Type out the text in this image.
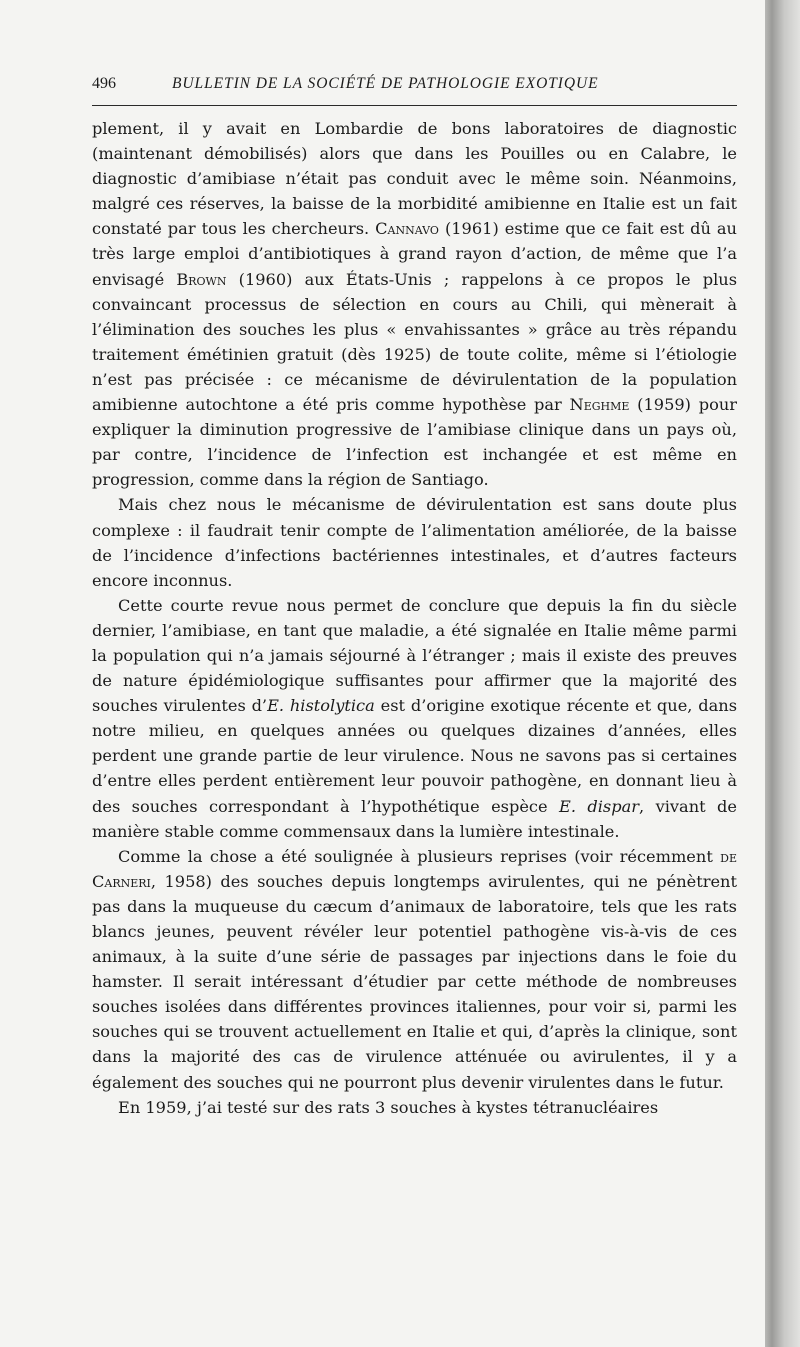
496	BULLETIN DE LA SOCIÉTÉ DE PATHOLOGIE EXOTIQUE

plement, il y avait en Lombardie de bons laboratoires de diagnostic (maintenant démobilisés) alors que dans les Pouilles ou en Calabre, le diagnostic d’amibiase n’était pas conduit avec le même soin. Néanmoins, malgré ces réserves, la baisse de la morbidité amibienne en Italie est un fait constaté par tous les chercheurs. Cannavo (1961) estime que ce fait est dû au très large emploi d’antibiotiques à grand rayon d’action, de même que l’a envisagé Brown (1960) aux États-Unis ; rappelons à ce propos le plus convaincant processus de sélection en cours au Chili, qui mènerait à l’élimination des souches les plus « envahissantes » grâce au très répandu traitement émétinien gratuit (dès 1925) de toute colite, même si l’étiologie n’est pas précisée : ce mécanisme de dévirulentation de la population amibienne autochtone a été pris comme hypothèse par Neghme (1959) pour expliquer la diminution progressive de l’amibiase clinique dans un pays où, par contre, l’incidence de l’infection est inchangée et est même en progression, comme dans la région de Santiago.

Mais chez nous le mécanisme de dévirulentation est sans doute plus complexe : il faudrait tenir compte de l’alimentation améliorée, de la baisse de l’incidence d’infections bactériennes intestinales, et d’autres facteurs encore inconnus.

Cette courte revue nous permet de conclure que depuis la fin du siècle dernier, l’amibiase, en tant que maladie, a été signalée en Italie même parmi la population qui n’a jamais séjourné à l’étranger ; mais il existe des preuves de nature épidémiologique suffisantes pour affirmer que la majorité des souches virulentes d’E. histolytica est d’origine exotique récente et que, dans notre milieu, en quelques années ou quelques dizaines d’années, elles perdent une grande partie de leur virulence. Nous ne savons pas si certaines d’entre elles perdent entièrement leur pouvoir pathogène, en donnant lieu à des souches correspondant à l’hypothétique espèce E. dispar, vivant de manière stable comme commensaux dans la lumière intestinale.

Comme la chose a été soulignée à plusieurs reprises (voir récemment de Carneri, 1958) des souches depuis longtemps avirulentes, qui ne pénètrent pas dans la muqueuse du cæcum d’animaux de laboratoire, tels que les rats blancs jeunes, peuvent révéler leur potentiel pathogène vis-à-vis de ces animaux, à la suite d’une série de passages par injections dans le foie du hamster. Il serait intéressant d’étudier par cette méthode de nombreuses souches isolées dans différentes provinces italiennes, pour voir si, parmi les souches qui se trouvent actuellement en Italie et qui, d’après la clinique, sont dans la majorité des cas de virulence atténuée ou avirulentes, il y a également des souches qui ne pourront plus devenir virulentes dans le futur.

En 1959, j’ai testé sur des rats 3 souches à kystes tétranucléaires
